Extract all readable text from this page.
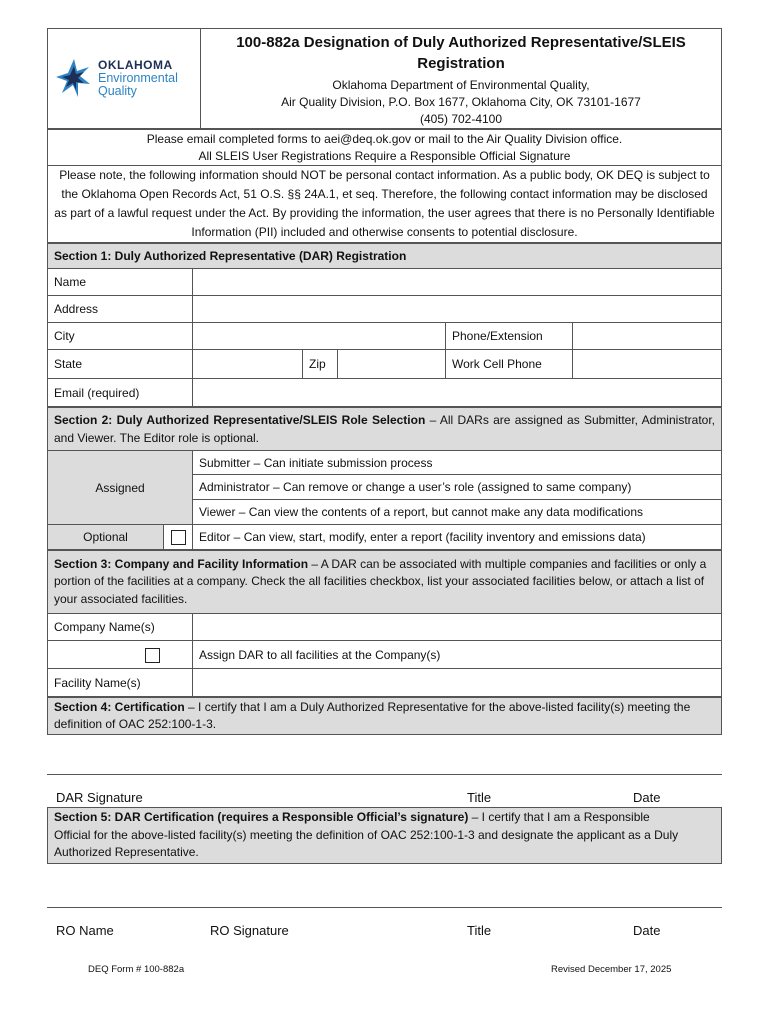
OKLAHOMA
Environmental
Quality

100-882a Designation of Duly Authorized Representative/SLEIS
Registration
Oklahoma Department of Environmental Quality,
Air Quality Division, P.O. Box 1677, Oklahoma City, OK 73101-1677
(405) 702-4100
Please email completed forms to aei@deq.ok.gov or mail to the Air Quality Division office.
All SLEIS User Registrations Require a Responsible Official Signature

Please note, the following information should NOT be personal contact information. As a public body, OK DEQ is subject to the Oklahoma Open Records Act, 51 O.S. §§ 24A.1, et seq. Therefore, the following contact information may be disclosed as part of a lawful request under the Act. By providing the information, the user agrees that there is no Personally Identifiable Information (PII) included and otherwise consents to potential disclosure.
Section 1: Duly Authorized Representative (DAR) Registration					
Name					
Address					
City				Phone/Extension	
State		Zip		Work Cell Phone	
Email (required)					
Section 2: Duly Authorized Representative/SLEIS Role Selection – All DARs are assigned as Submitter, Administrator, and Viewer. The Editor role is optional.		
Assigned		Submitter – Can initiate submission process
		Administrator – Can remove or change a user’s role (assigned to same company)
		Viewer – Can view the contents of a report, but cannot make any data modifications
Optional		Editor – Can view, start, modify, enter a report (facility inventory and emissions data)
Section 3: Company and Facility Information – A DAR can be associated with multiple companies and facilities or only a portion of the facilities at a company. Check the all facilities checkbox, list your associated facilities below, or attach a list of your associated facilities.	
Company Name(s)	
	Assign DAR to all facilities at the Company(s)
Facility Name(s)	
Section 4: Certification – I certify that I am a Duly Authorized Representative for the above-listed facility(s) meeting the definition of OAC 252:100-1-3.
DAR Signature	Title	Date
Section 5: DAR Certification (requires a Responsible Official’s signature) – I certify that I am a Responsible Official for the above-listed facility(s) meeting the definition of OAC 252:100-1-3 and designate the applicant as a Duly Authorized Representative.
RO Name	RO Signature	Title	Date
DEQ Form # 100-882a	Revised December 17, 2025
